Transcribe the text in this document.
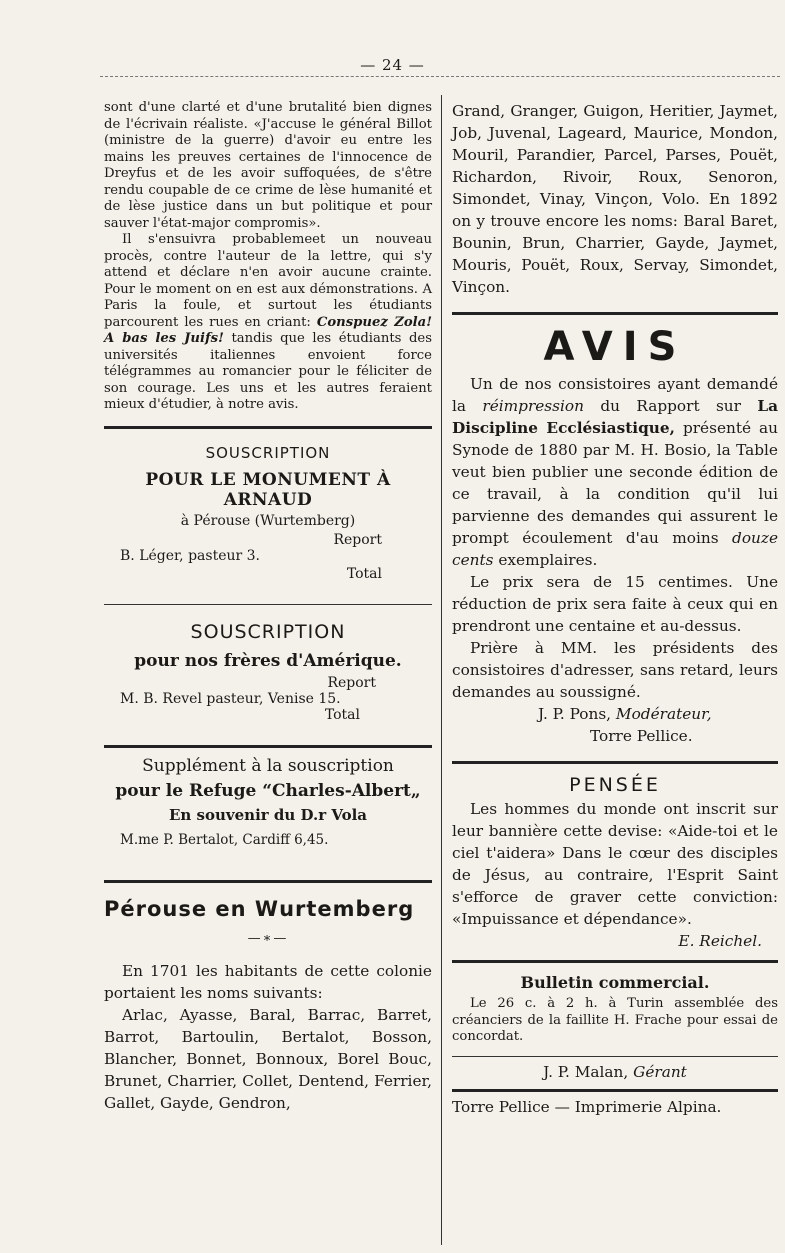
— 24 —

sont d'une clarté et d'une brutalité bien dignes de l'écrivain réaliste. «J'accuse le général Billot (ministre de la guerre) d'avoir eu entre les mains les preuves certaines de l'innocence de Dreyfus et de les avoir suffoquées, de s'être rendu coupable de ce crime de lèse humanité et de lèse justice dans un but politique et pour sauver l'état-major compromis».

Il s'ensuivra probablemeet un nouveau procès, contre l'auteur de la lettre, qui s'y attend et déclare n'en avoir aucune crainte. Pour le moment on en est aux démonstrations. A Paris la foule, et surtout les étudiants parcourent les rues en criant: Conspuez Zola! A bas les Juifs! tandis que les étudiants des universités italiennes envoient force télégrammes au romancier pour le féliciter de son courage. Les uns et les autres feraient mieux d'étudier, à notre avis.

SOUSCRIPTION
POUR LE MONUMENT À ARNAUD
à Pérouse (Wurtemberg)
Report
B. Léger, pasteur 3.
Total
SOUSCRIPTION
pour nos frères d'Amérique.
Report
M. B. Revel pasteur, Venise 15.
Total
Supplément à la souscription
pour le Refuge “Charles-Albert„
En souvenir du D.r Vola
M.me P. Bertalot, Cardiff 6,45.
Pérouse en Wurtemberg
—∗—

En 1701 les habitants de cette colonie portaient les noms suivants:

Arlac, Ayasse, Baral, Barrac, Barret, Barrot, Bartoulin, Bertalot, Bosson, Blancher, Bonnet, Bonnoux, Borel Bouc, Brunet, Charrier, Collet, Dentend, Ferrier, Gallet, Gayde, Gendron,

Grand, Granger, Guigon, Heritier, Jaymet, Job, Juvenal, Lageard, Maurice, Mondon, Mouril, Parandier, Parcel, Parses, Pouët, Richardon, Rivoir, Roux, Senoron, Simondet, Vinay, Vinçon, Volo. En 1892 on y trouve encore les noms: Baral Baret, Bounin, Brun, Charrier, Gayde, Jaymet, Mouris, Pouët, Roux, Servay, Simondet, Vinçon.

AVIS

Un de nos consistoires ayant demandé la réimpression du Rapport sur La Discipline Ecclésiastique, présenté au Synode de 1880 par M. H. Bosio, la Table veut bien publier une seconde édition de ce travail, à la condition qu'il lui parvienne des demandes qui assurent le prompt écoulement d'au moins douze cents exemplaires.

Le prix sera de 15 centimes. Une réduction de prix sera faite à ceux qui en prendront une centaine et au-dessus.

Prière à MM. les présidents des consistoires d'adresser, sans retard, leurs demandes au soussigné.

J. P. Pons, Modérateur,
Torre Pellice.
PENSÉE

Les hommes du monde ont inscrit sur leur bannière cette devise: «Aide-toi et le ciel t'aidera» Dans le cœur des disciples de Jésus, au contraire, l'Esprit Saint s'efforce de graver cette conviction: «Impuissance et dépendance».

E. Reichel.
Bulletin commercial.

Le 26 c. à 2 h. à Turin assemblée des créanciers de la faillite H. Frache pour essai de concordat.

J. P. Malan, Gérant
Torre Pellice — Imprimerie Alpina.
